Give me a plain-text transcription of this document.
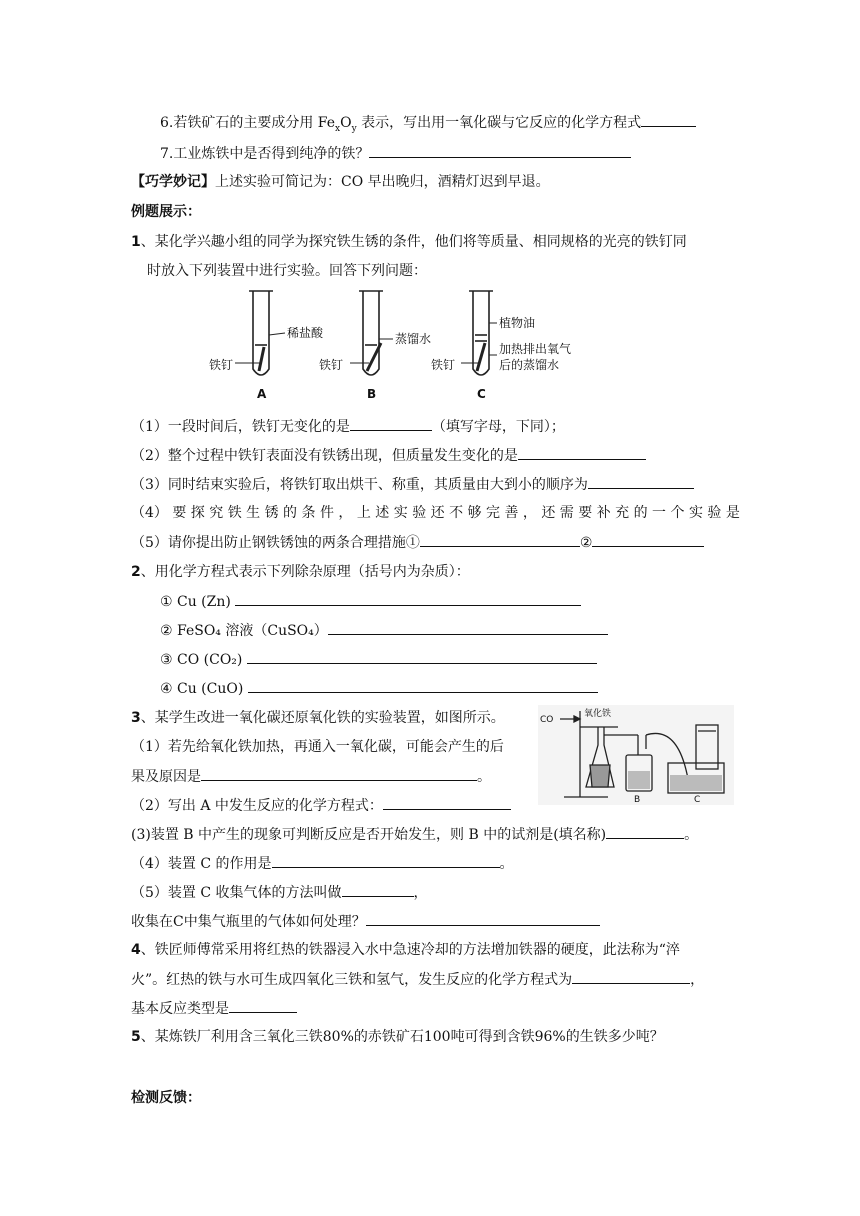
6.若铁矿石的主要成分用 $Fe_xO_y$ 表示，写出用一氧化碳与它反应的化学方程式
7.工业炼铁中是否得到纯净的铁？
【巧学妙记】上述实验可简记为：CO 早出晚归，酒精灯迟到早退。
例题展示：
1、某化学兴趣小组的同学为探究铁生锈的条件，他们将等质量、相同规格的光亮的铁钉同
时放入下列装置中进行实验。回答下列问题：
稀盐酸	蒸馏水
植物油
加热排出氧气
后的蒸馏水
铁钉	铁钉	铁钉
A	B	C
（1）一段时间后，铁钉无变化的是	（填写字母，下同）；
（2）整个过程中铁钉表面没有铁锈出现，但质量发生变化的是
（3）同时结束实验后，将铁钉取出烘干、称重，其质量由大到小的顺序为
（4） 要 探 究 铁 生 锈 的 条 件 ， 上 述 实 验 还 不 够 完 善 ， 还 需 要 补 充 的 一 个 实 验 是
（5）请你提出防止钢铁锈蚀的两条合理措施①	②
2、用化学方程式表示下列除杂原理（括号内为杂质）：
① Cu (Zn)
② FeSO₄ 溶液（CuSO₄）
③ CO (CO₂)
④ Cu (CuO)
3、某学生改进一氧化碳还原氧化铁的实验装置，如图所示。
（1）若先给氧化铁加热，再通入一氧化碳，可能会产生的后
果及原因是	。
（2）写出 A 中发生反应的化学方程式：
(3)装置 B 中产生的现象可判断反应是否开始发生，则 B 中的试剂是(填名称)	。
（4）装置 C 的作用是	。
（5）装置 C 收集气体的方法叫做	，
收集在C中集气瓶里的气体如何处理？
CO
氧化铁
B	C
4、铁匠师傅常采用将红热的铁器浸入水中急速冷却的方法增加铁器的硬度，此法称为“淬
火”。红热的铁与水可生成四氧化三铁和氢气，发生反应的化学方程式为	，
基本反应类型是
5、某炼铁厂利用含三氧化三铁80%的赤铁矿石100吨可得到含铁96%的生铁多少吨？
检测反馈：
